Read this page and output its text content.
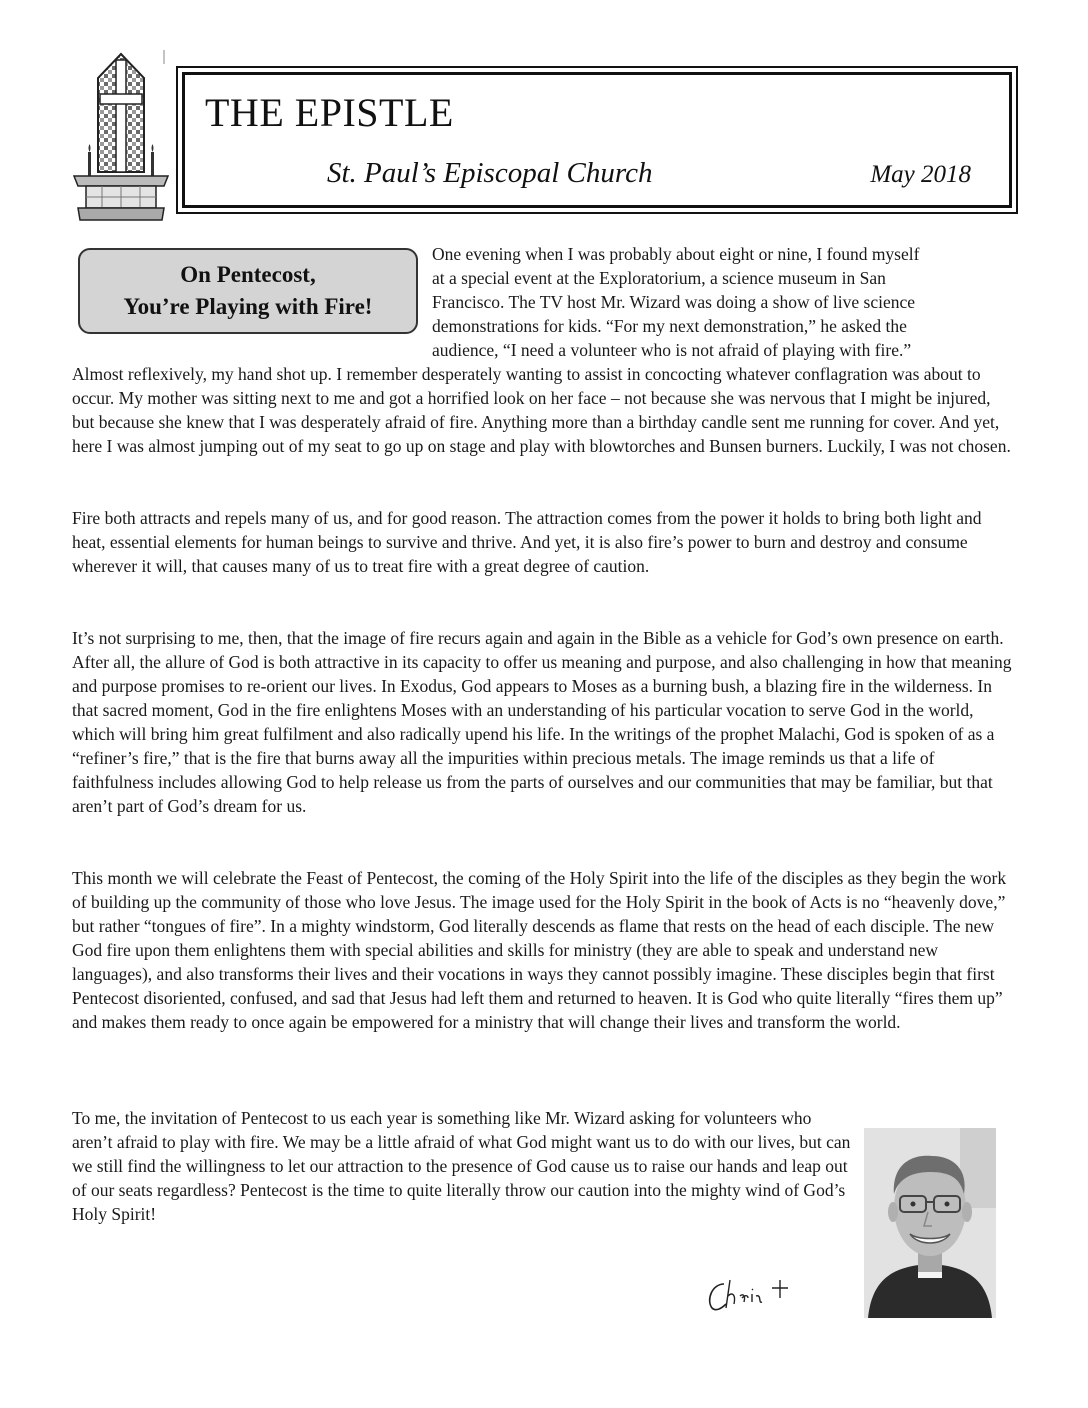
THE EPISTLE
St. Paul’s Episcopal Church	May 2018
On Pentecost,
You’re Playing with Fire!

One evening when I was probably about eight or nine, I found myself
at a special event at the Exploratorium, a science museum in San
Francisco. The TV host Mr. Wizard was doing a show of live science
demonstrations for kids. “For my next demonstration,” he asked the
audience, “I need a volunteer who is not afraid of playing with fire.”

Almost reflexively, my hand shot up. I remember desperately wanting to assist in concocting whatever conflagration was about to occur. My mother was sitting next to me and got a horrified look on her face – not because she was nervous that I might be injured, but because she knew that I was desperately afraid of fire. Anything more than a birthday candle sent me running for cover. And yet, here I was almost jumping out of my seat to go up on stage and play with blowtorches and Bunsen burners. Luckily, I was not chosen.

Fire both attracts and repels many of us, and for good reason. The attraction comes from the power it holds to bring both light and heat, essential elements for human beings to survive and thrive. And yet, it is also fire’s power to burn and destroy and consume wherever it will, that causes many of us to treat fire with a great degree of caution.

It’s not surprising to me, then, that the image of fire recurs again and again in the Bible as a vehicle for God’s own presence on earth. After all, the allure of God is both attractive in its capacity to offer us meaning and purpose, and also challenging in how that meaning and purpose promises to re-orient our lives. In Exodus, God appears to Moses as a burning bush, a blazing fire in the wilderness. In that sacred moment, God in the fire enlightens Moses with an understanding of his particular vocation to serve God in the world, which will bring him great fulfilment and also radically upend his life. In the writings of the prophet Malachi, God is spoken of as a “refiner’s fire,” that is the fire that burns away all the impurities within precious metals. The image reminds us that a life of faithfulness includes allowing God to help release us from the parts of ourselves and our communities that may be familiar, but that aren’t part of God’s dream for us.

This month we will celebrate the Feast of Pentecost, the coming of the Holy Spirit into the life of the disciples as they begin the work of building up the community of those who love Jesus. The image used for the Holy Spirit in the book of Acts is no “heavenly dove,” but rather “tongues of fire”. In a mighty windstorm, God literally descends as flame that rests on the head of each disciple. The new God fire upon them enlightens them with special abilities and skills for ministry (they are able to speak and understand new languages), and also transforms their lives and their vocations in ways they cannot possibly imagine. These disciples begin that first Pentecost disoriented, confused, and sad that Jesus had left them and returned to heaven. It is God who quite literally “fires them up” and makes them ready to once again be empowered for a ministry that will change their lives and transform the world.

To me, the invitation of Pentecost to us each year is something like Mr. Wizard asking for volunteers who aren’t afraid to play with fire. We may be a little afraid of what God might want us to do with our lives, but can we still find the willingness to let our attraction to the presence of God cause us to raise our hands and leap out of our seats regardless? Pentecost is the time to quite literally throw our caution into the mighty wind of God’s Holy Spirit!
